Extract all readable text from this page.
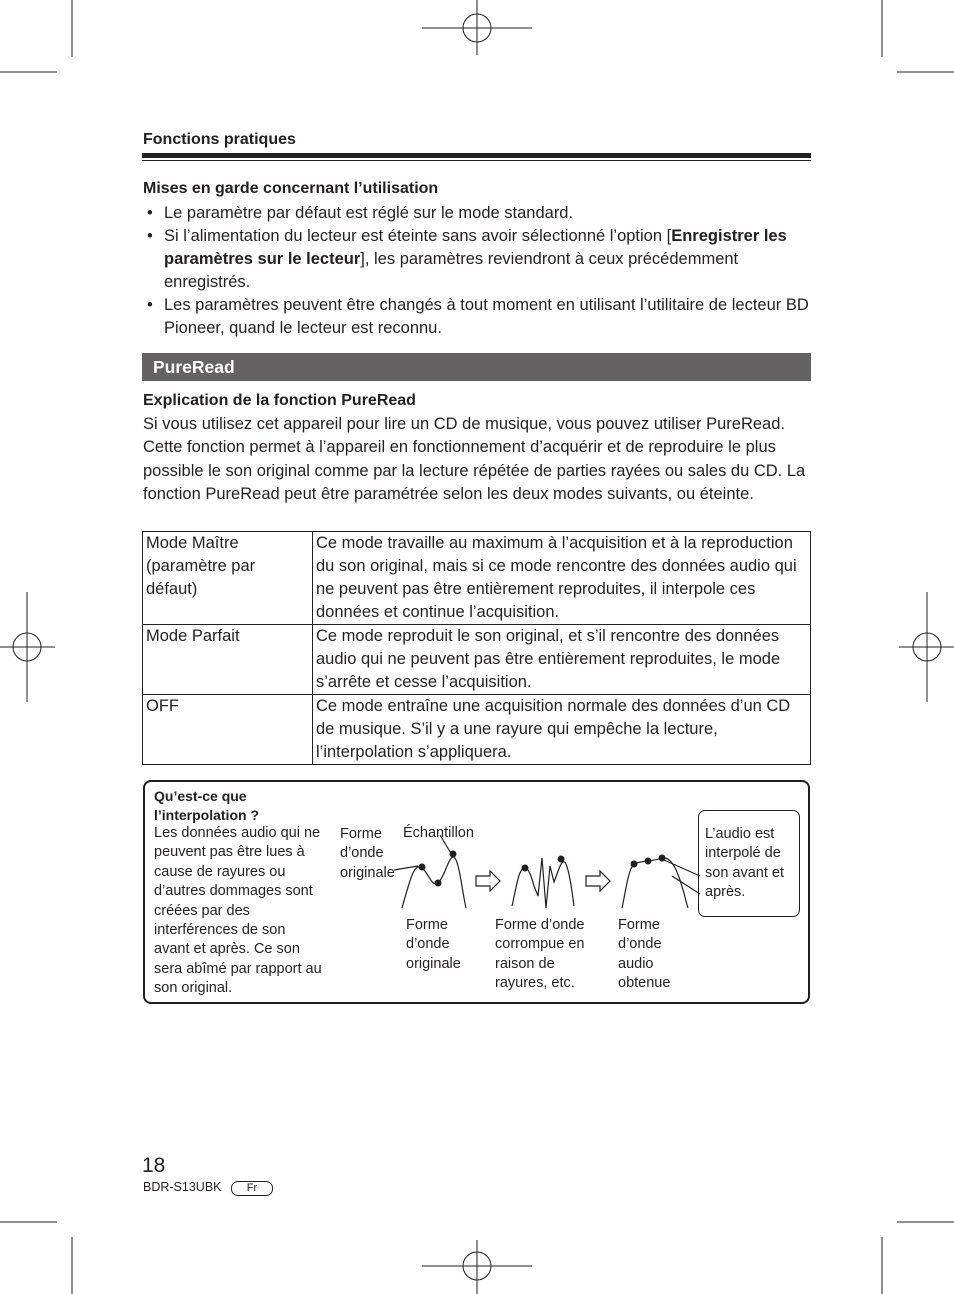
Fonctions pratiques
Mises en garde concernant l’utilisation
• Le paramètre par défaut est réglé sur le mode standard.
• Si l’alimentation du lecteur est éteinte sans avoir sélectionné l’option [Enregistrer les paramètres sur le lecteur], les paramètres reviendront à ceux précédemment enregistrés.
• Les paramètres peuvent être changés à tout moment en utilisant l’utilitaire de lecteur BD Pioneer, quand le lecteur est reconnu.
PureRead
Explication de la fonction PureRead
Si vous utilisez cet appareil pour lire un CD de musique, vous pouvez utiliser PureRead. Cette fonction permet à l’appareil en fonctionnement d’acquérir et de reproduire le plus possible le son original comme par la lecture répétée de parties rayées ou sales du CD. La fonction PureRead peut être paramétrée selon les deux modes suivants, ou éteinte.
Mode Maître (paramètre par défaut)	Ce mode travaille au maximum à l’acquisition et à la reproduction du son original, mais si ce mode rencontre des données audio qui ne peuvent pas être entièrement reproduites, il interpole ces données et continue l’acquisition.
Mode Parfait	Ce mode reproduit le son original, et s’il rencontre des données audio qui ne peuvent pas être entièrement reproduites, le mode s’arrête et cesse l’acquisition.
OFF	Ce mode entraîne une acquisition normale des données d’un CD de musique. S’il y a une rayure qui empêche la lecture, l’interpolation s’appliquera.
Qu’est-ce que l’interpolation ?
Les données audio qui ne peuvent pas être lues à cause de rayures ou d’autres dommages sont créées par des interférences de son avant et après. Ce son sera abîmé par rapport au son original.
Forme d’onde originale
Échantillon
Forme d’onde originale
Forme d’onde corrompue en raison de rayures, etc.
Forme d’onde audio obtenue
L’audio est interpolé de son avant et après.
18
BDR-S13UBK	Fr
